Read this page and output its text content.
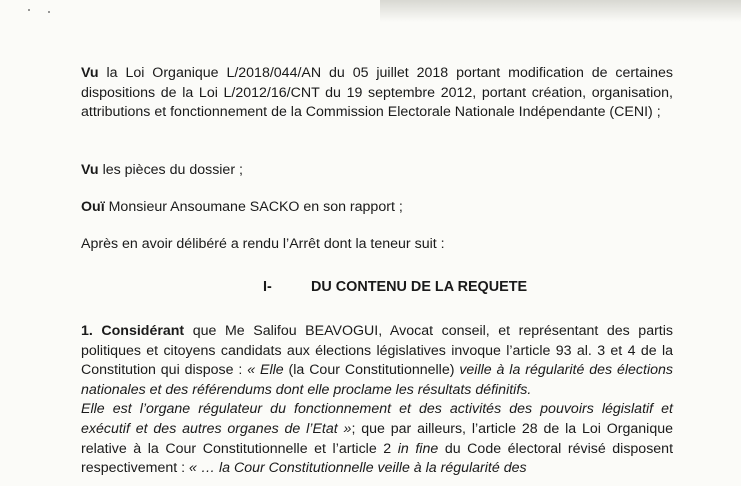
Vu la Loi Organique L/2018/044/AN du 05 juillet 2018 portant modification de certaines dispositions de la Loi L/2012/16/CNT du 19 septembre 2012, portant création, organisation, attributions et fonctionnement de la Commission Electorale Nationale Indépendante (CENI) ;
Vu les pièces du dossier ;
Ouï Monsieur Ansoumane SACKO en son rapport ;
Après en avoir délibéré a rendu l’Arrêt dont la teneur suit :
I-	DU CONTENU DE LA REQUETE
1. Considérant que Me Salifou BEAVOGUI, Avocat conseil, et représentant des partis politiques et citoyens candidats aux élections législatives invoque l’article 93 al. 3 et 4 de la Constitution qui dispose : « Elle (la Cour Constitutionnelle) veille à la régularité des élections nationales et des référendums dont elle proclame les résultats définitifs.
Elle est l’organe régulateur du fonctionnement et des activités des pouvoirs législatif et exécutif et des autres organes de l’Etat »; que par ailleurs, l’article 28 de la Loi Organique relative à la Cour Constitutionnelle et l’article 2 in fine du Code électoral révisé disposent respectivement : « … la Cour Constitutionnelle veille à la régularité des
